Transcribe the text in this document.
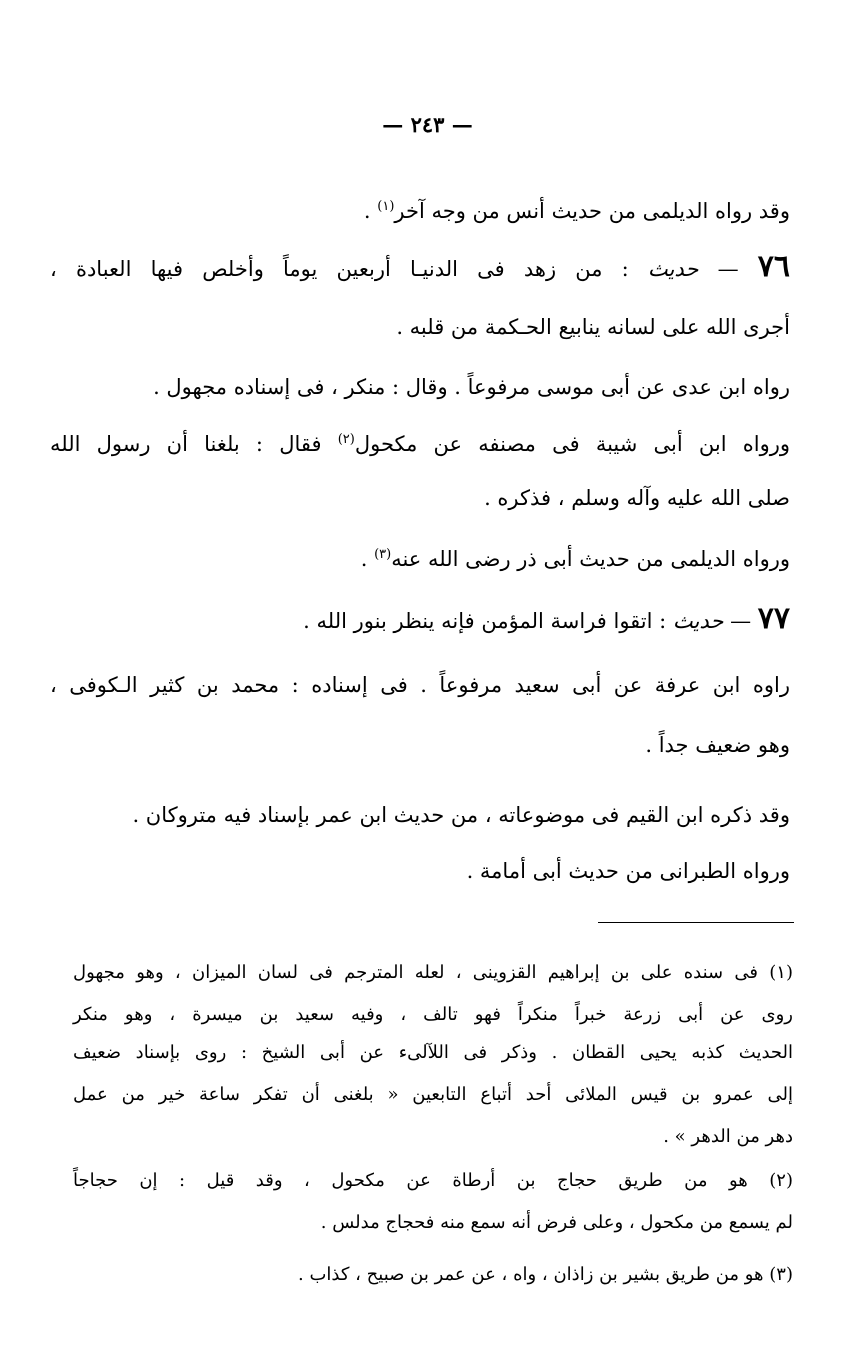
— ٢٤٣ —
وقد رواه الديلمى من حديث أنس من وجه آخر$^{(١)}$ .
٧٦ — حديث : من زهد فى الدنيـا أربعين يوماً وأخلص فيها العبادة ،
أجرى الله على لسانه ينابيع الحـكمة من قلبه .
رواه ابن عدى عن أبى موسى مرفوعاً . وقال : منكر ، فى إسناده مجهول .
ورواه ابن أبى شيبة فى مصنفه عن مكحول$^{(٢)}$ فقال : بلغنا أن رسول الله
صلى الله عليه وآله وسلم ، فذكره .
ورواه الديلمى من حديث أبى ذر رضى الله عنه$^{(٣)}$ .
٧٧ — حديث : اتقوا فراسة المؤمن فإنه ينظر بنور الله .
راوه ابن عرفة عن أبى سعيد مرفوعاً . فى إسناده : محمد بن كثير الـكوفى ،
وهو ضعيف جداً .
وقد ذكره ابن القيم فى موضوعاته ، من حديث ابن عمر بإسناد فيه متروكان .
ورواه الطبرانى من حديث أبى أمامة .
(١) فى سنده على بن إبراهيم القزوينى ، لعله المترجم فى لسان الميزان ، وهو مجهول
روى عن أبى زرعة خبراً منكراً فهو تالف ، وفيه سعيد بن ميسرة ، وهو منكر
الحديث كذبه يحيى القطان . وذكر فى اللآلىء عن أبى الشيخ : روى بإسناد ضعيف
إلى عمرو بن قيس الملائى أحد أتباع التابعين « بلغنى أن تفكر ساعة خير من عمل
دهر من الدهر » .
(٢) هو من طريق حجاج بن أرطاة عن مكحول ، وقد قيل : إن حجاجاً
لم يسمع من مكحول ، وعلى فرض أنه سمع منه فحجاج مدلس .
(٣) هو من طريق بشير بن زاذان ، واه ، عن عمر بن صبيح ، كذاب .
